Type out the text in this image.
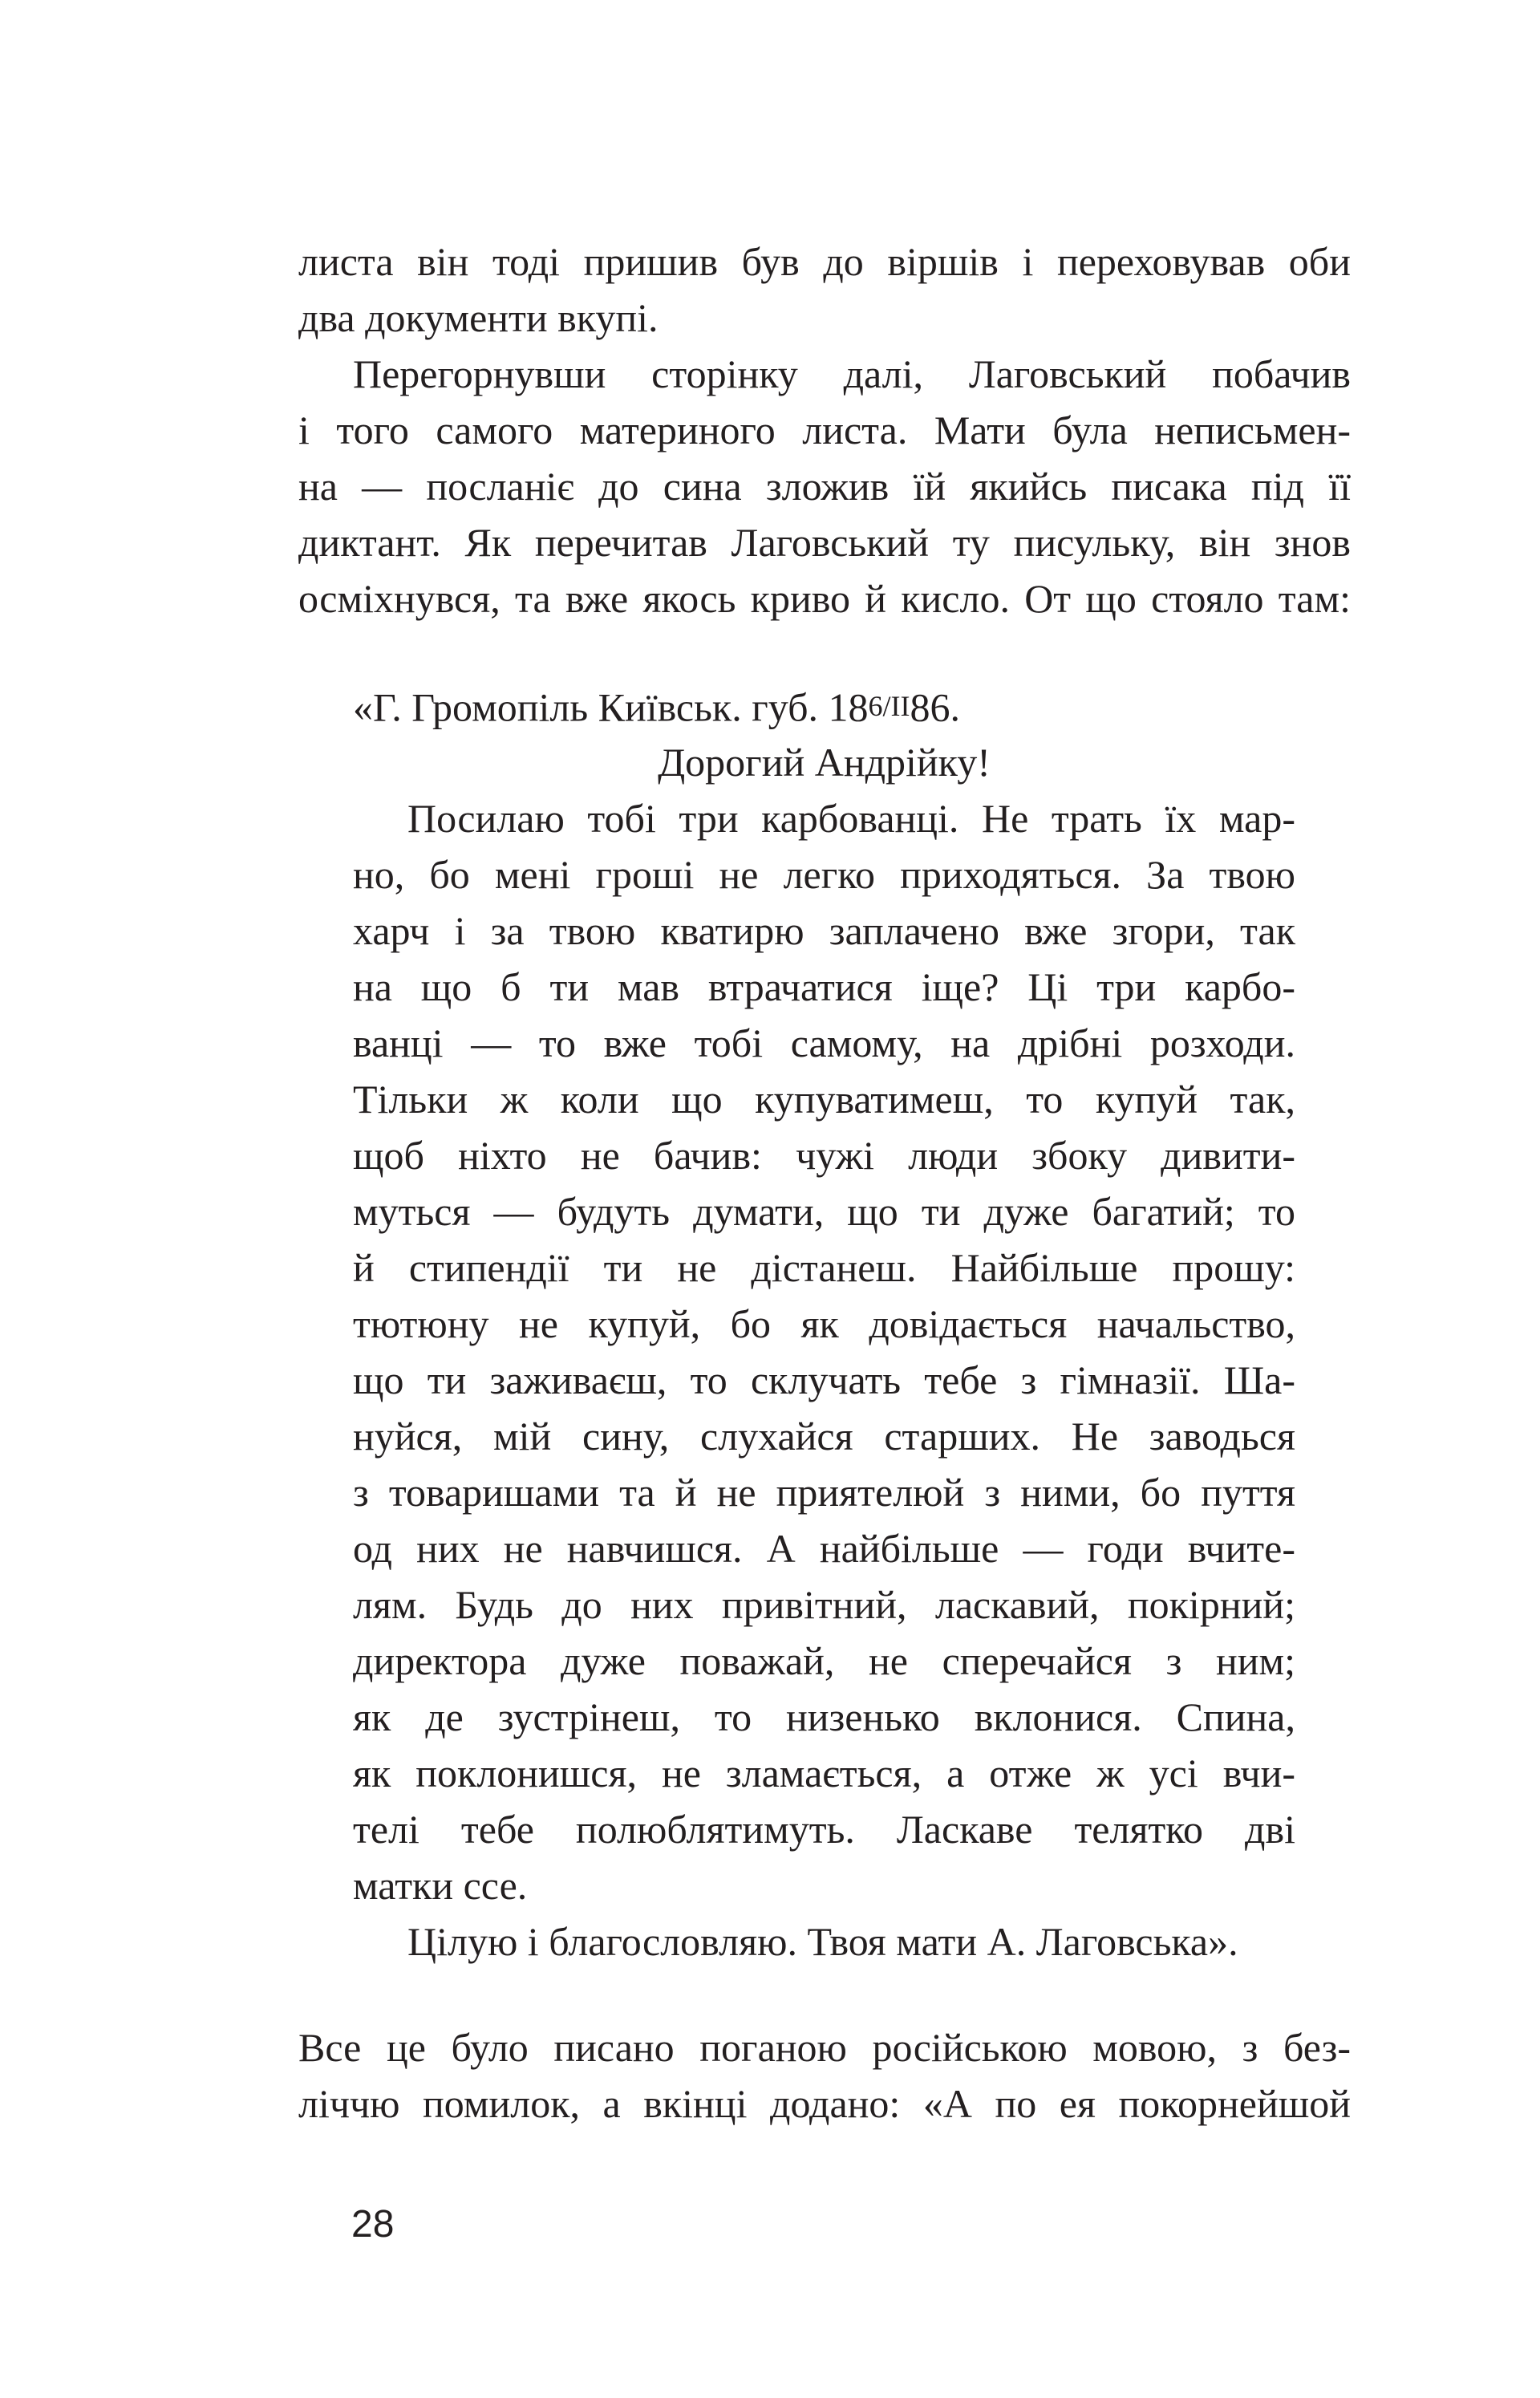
листа він тоді пришив був до віршів і переховував оби

два документи вкупі.

Перегорнувши сторінку далі, Лаговський побачив

і того самого материного листа. Мати була неписьмен-

на — посланіє до сина зложив їй якийсь писака під її

диктант. Як перечитав Лаговський ту писульку, він знов

осміхнувся, та вже якось криво й кисло. От що стояло там:

«Г. Громопіль Київськ. губ. 186/II86.

Дорогий Андрійку!

Посилаю тобі три карбованці. Не трать їх мар-

но, бо мені гроші не легко приходяться. За твою

харч і за твою кватирю заплачено вже згори, так

на що б ти мав втрачатися іще? Ці три карбо-

ванці — то вже тобі самому, на дрібні розходи.

Тільки ж коли що купуватимеш, то купуй так,

щоб ніхто не бачив: чужі люди збоку дивити-

муться — будуть думати, що ти дуже багатий; то

й стипендії ти не дістанеш. Найбільше прошу:

тютюну не купуй, бо як довідається начальство,

що ти заживаєш, то склучать тебе з гімназії. Ша-

нуйся, мій сину, слухайся старших. Не заводься

з товаришами та й не приятелюй з ними, бо пуття

од них не навчишся. А найбільше — годи вчите-

лям. Будь до них привітний, ласкавий, покірний;

директора дуже поважай, не сперечайся з ним;

як де зустрінеш, то низенько вклонися. Спина,

як поклонишся, не зламається, а отже ж усі вчи-

телі тебе полюблятимуть. Ласкаве телятко дві

матки ссе.

Цілую і благословляю. Твоя мати А. Лаговська».

Все це було писано поганою російською мовою, з без-

ліччю помилок, а вкінці додано: «А по ея покорнейшой

28
